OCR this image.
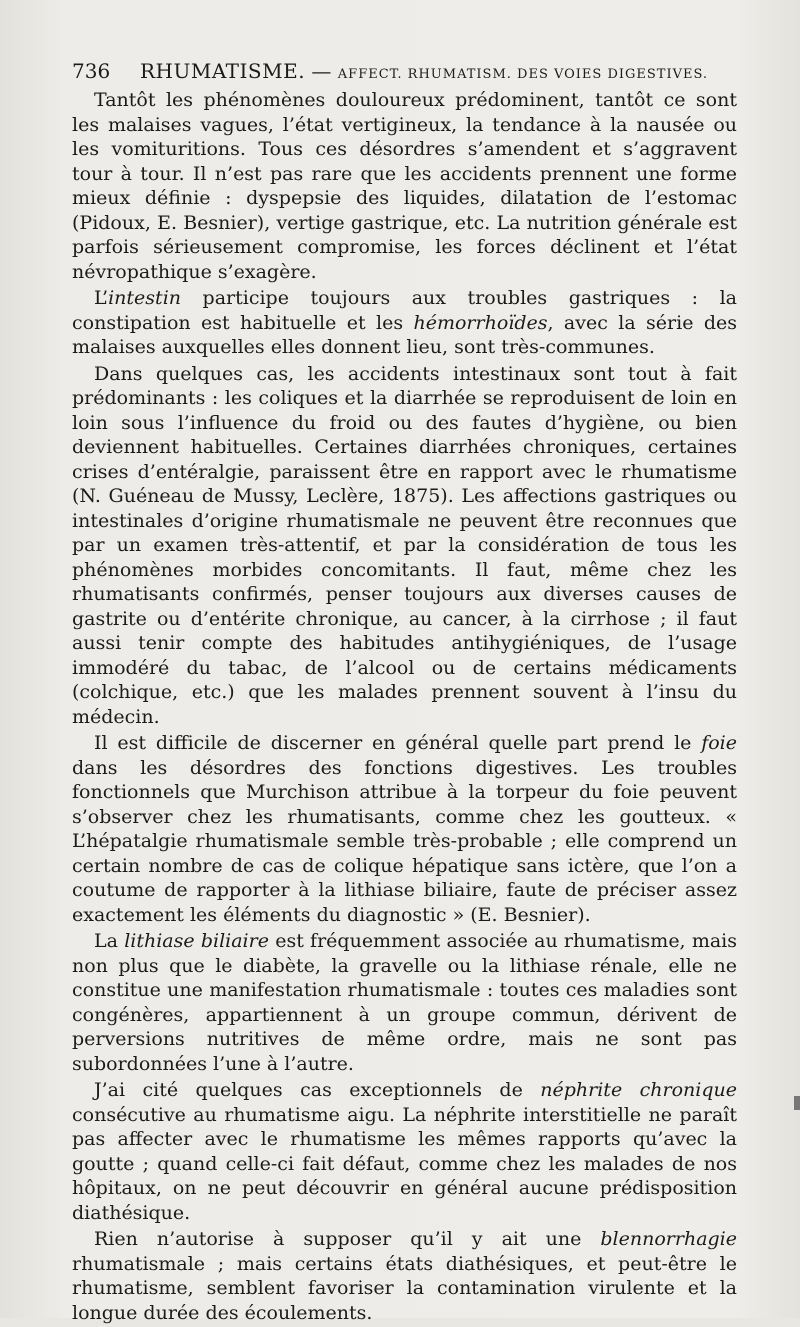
736 RHUMATISME. — AFFECT. RHUMATISM. DES VOIES DIGESTIVES.

Tantôt les phénomènes douloureux prédominent, tantôt ce sont les malaises vagues, l’état vertigineux, la tendance à la nausée ou les vomituritions. Tous ces désordres s’amendent et s’aggravent tour à tour. Il n’est pas rare que les accidents prennent une forme mieux définie : dyspepsie des liquides, dilatation de l’estomac (Pidoux, E. Besnier), vertige gastrique, etc. La nutrition générale est parfois sérieusement compromise, les forces déclinent et l’état névropathique s’exagère.

L’intestin participe toujours aux troubles gastriques : la constipation est habituelle et les hémorrhoïdes, avec la série des malaises auxquelles elles donnent lieu, sont très-communes.

Dans quelques cas, les accidents intestinaux sont tout à fait prédominants : les coliques et la diarrhée se reproduisent de loin en loin sous l’influence du froid ou des fautes d’hygiène, ou bien deviennent habituelles. Certaines diarrhées chroniques, certaines crises d’entéralgie, paraissent être en rapport avec le rhumatisme (N. Guéneau de Mussy, Leclère, 1875). Les affections gastriques ou intestinales d’origine rhumatismale ne peuvent être reconnues que par un examen très-attentif, et par la considération de tous les phénomènes morbides concomitants. Il faut, même chez les rhumatisants confirmés, penser toujours aux diverses causes de gastrite ou d’entérite chronique, au cancer, à la cirrhose ; il faut aussi tenir compte des habitudes antihygiéniques, de l’usage immodéré du tabac, de l’alcool ou de certains médicaments (colchique, etc.) que les malades prennent souvent à l’insu du médecin.

Il est difficile de discerner en général quelle part prend le foie dans les désordres des fonctions digestives. Les troubles fonctionnels que Murchison attribue à la torpeur du foie peuvent s’observer chez les rhumatisants, comme chez les goutteux. « L’hépatalgie rhumatismale semble très-probable ; elle comprend un certain nombre de cas de colique hépatique sans ictère, que l’on a coutume de rapporter à la lithiase biliaire, faute de préciser assez exactement les éléments du diagnostic » (E. Besnier).

La lithiase biliaire est fréquemment associée au rhumatisme, mais non plus que le diabète, la gravelle ou la lithiase rénale, elle ne constitue une manifestation rhumatismale : toutes ces maladies sont congénères, appartiennent à un groupe commun, dérivent de perversions nutritives de même ordre, mais ne sont pas subordonnées l’une à l’autre.

J’ai cité quelques cas exceptionnels de néphrite chronique consécutive au rhumatisme aigu. La néphrite interstitielle ne paraît pas affecter avec le rhumatisme les mêmes rapports qu’avec la goutte ; quand celle-ci fait défaut, comme chez les malades de nos hôpitaux, on ne peut découvrir en général aucune prédisposition diathésique.

Rien n’autorise à supposer qu’il y ait une blennorrhagie rhumatismale ; mais certains états diathésiques, et peut-être le rhumatisme, semblent favoriser la contamination virulente et la longue durée des écoulements.
